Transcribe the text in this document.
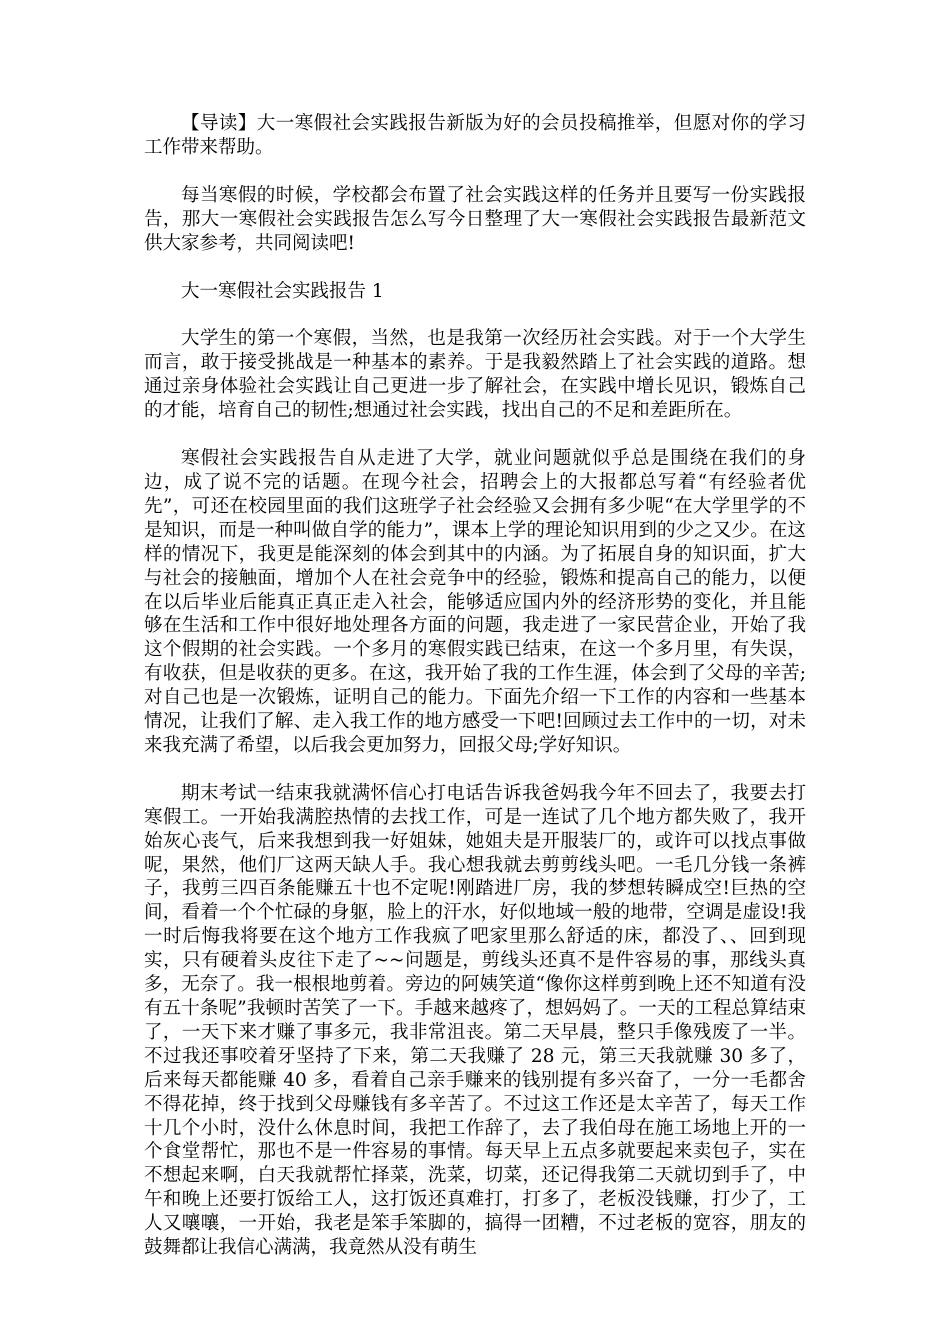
【导读】大一寒假社会实践报告新版为好的会员投稿推举，但愿对你的学习工作带来帮助。

每当寒假的时候，学校都会布置了社会实践这样的任务并且要写一份实践报告，那大一寒假社会实践报告怎么写今日整理了大一寒假社会实践报告最新范文供大家参考，共同阅读吧!

大一寒假社会实践报告 1

大学生的第一个寒假，当然，也是我第一次经历社会实践。对于一个大学生而言，敢于接受挑战是一种基本的素养。于是我毅然踏上了社会实践的道路。想通过亲身体验社会实践让自己更进一步了解社会，在实践中增长见识，锻炼自己的才能，培育自己的韧性;想通过社会实践，找出自己的不足和差距所在。

寒假社会实践报告自从走进了大学，就业问题就似乎总是围绕在我们的身边，成了说不完的话题。在现今社会，招聘会上的大报都总写着“有经验者优先”，可还在校园里面的我们这班学子社会经验又会拥有多少呢“在大学里学的不是知识，而是一种叫做自学的能力”，课本上学的理论知识用到的少之又少。在这样的情况下，我更是能深刻的体会到其中的内涵。为了拓展自身的知识面，扩大与社会的接触面，增加个人在社会竞争中的经验，锻炼和提高自己的能力，以便在以后毕业后能真正真正走入社会，能够适应国内外的经济形势的变化，并且能够在生活和工作中很好地处理各方面的问题，我走进了一家民营企业，开始了我这个假期的社会实践。一个多月的寒假实践已结束，在这一个多月里，有失误，有收获，但是收获的更多。在这，我开始了我的工作生涯，体会到了父母的辛苦;对自己也是一次锻炼，证明自己的能力。下面先介绍一下工作的内容和一些基本情况，让我们了解、走入我工作的地方感受一下吧!回顾过去工作中的一切，对未来我充满了希望，以后我会更加努力，回报父母;学好知识。

期末考试一结束我就满怀信心打电话告诉我爸妈我今年不回去了，我要去打寒假工。一开始我满腔热情的去找工作，可是一连试了几个地方都失败了，我开始灰心丧气，后来我想到我一好姐妹，她姐夫是开服装厂的，或许可以找点事做呢，果然，他们厂这两天缺人手。我心想我就去剪剪线头吧。一毛几分钱一条裤子，我剪三四百条能赚五十也不定呢!刚踏进厂房，我的梦想转瞬成空!巨热的空间，看着一个个忙碌的身躯，脸上的汗水，好似地域一般的地带，空调是虚设!我一时后悔我将要在这个地方工作我疯了吧家里那么舒适的床，都没了、、回到现实，只有硬着头皮往下走了~~问题是，剪线头还真不是件容易的事，那线头真多，无奈了。我一根根地剪着。旁边的阿姨笑道“像你这样剪到晚上还不知道有没有五十条呢”我顿时苦笑了一下。手越来越疼了，想妈妈了。一天的工程总算结束了，一天下来才赚了事多元，我非常沮丧。第二天早晨，整只手像残废了一半。不过我还事咬着牙坚持了下来，第二天我赚了 28 元，第三天我就赚 30 多了，后来每天都能赚 40 多，看着自己亲手赚来的钱别提有多兴奋了，一分一毛都舍不得花掉，终于找到父母赚钱有多辛苦了。不过这工作还是太辛苦了，每天工作十几个小时，没什么休息时间，我把工作辞了，去了我伯母在施工场地上开的一个食堂帮忙，那也不是一件容易的事情。每天早上五点多就要起来卖包子，实在不想起来啊，白天我就帮忙择菜，洗菜，切菜，还记得我第二天就切到手了，中午和晚上还要打饭给工人，这打饭还真难打，打多了，老板没钱赚，打少了，工人又嚷嚷，一开始，我老是笨手笨脚的，搞得一团糟，不过老板的宽容，朋友的鼓舞都让我信心满满，我竟然从没有萌生
